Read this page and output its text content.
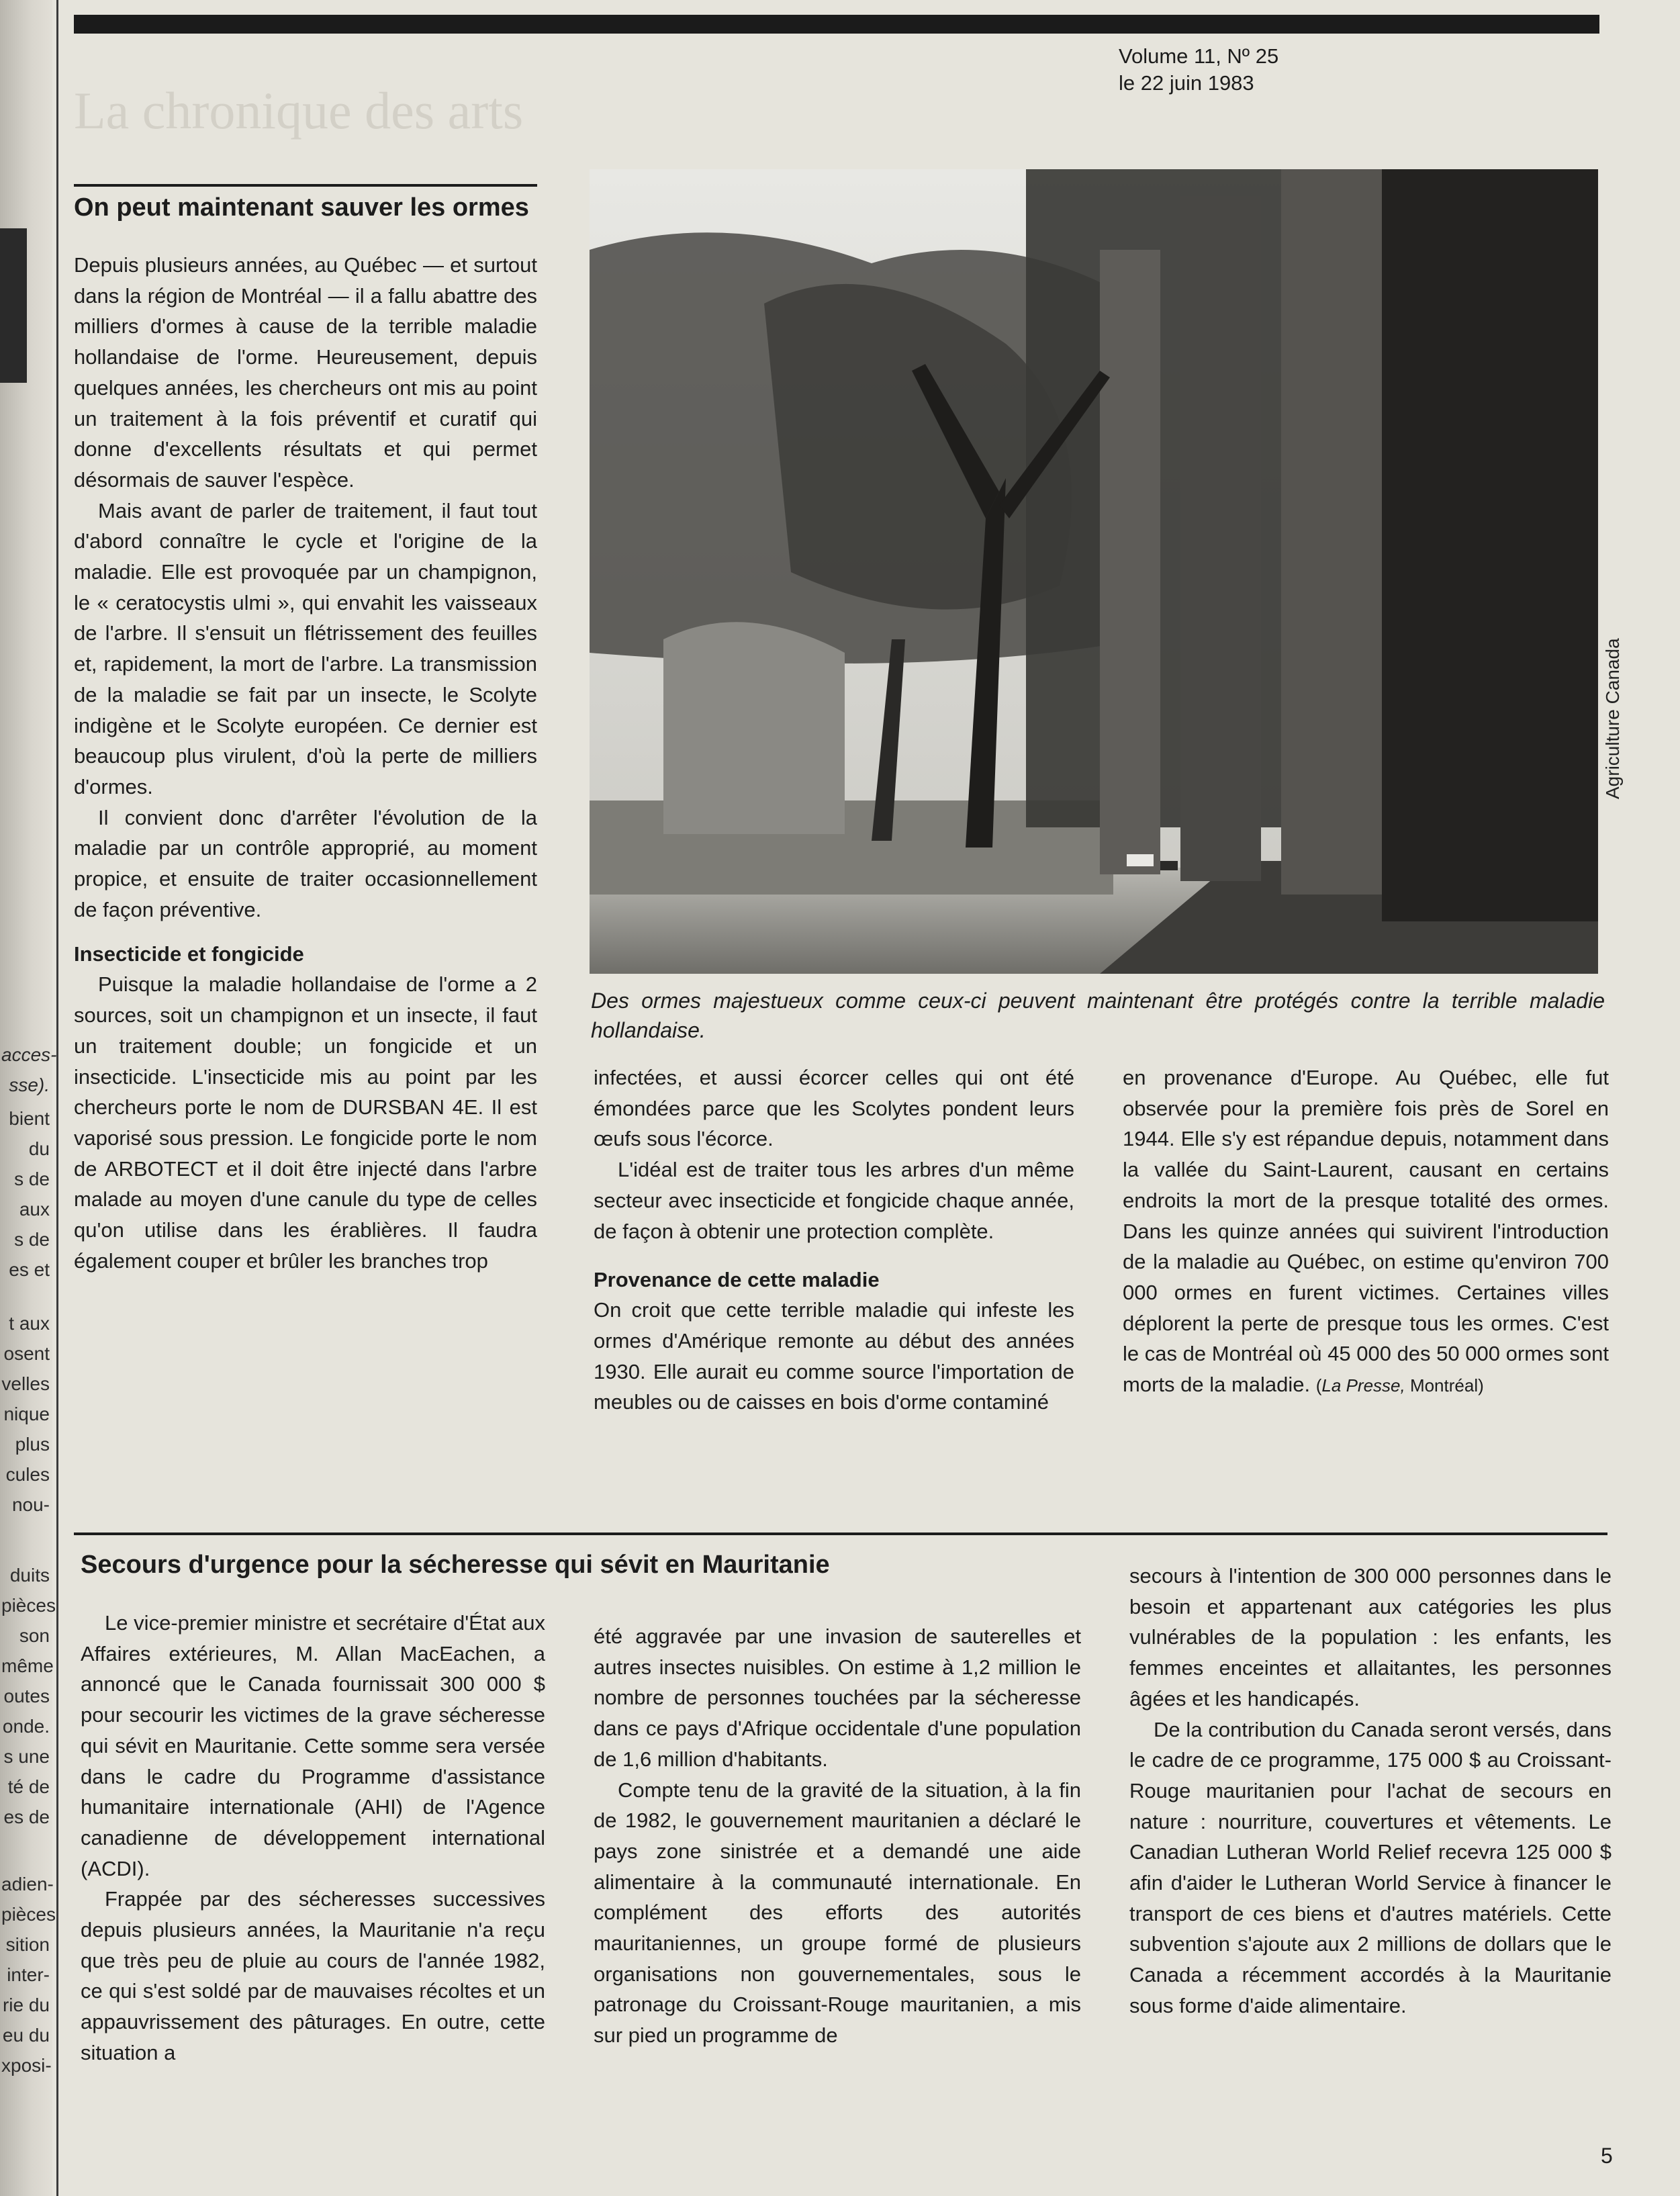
acces-
sse).
bient
du
s de
aux
s de
es et
t aux
osent
velles
nique
plus
cules
nou-
duits
pièces
son
même
outes
onde.
s une
té de
es de
adien-
pièces
sition
inter-
rie du
eu du
xposi-
La chronique des arts
Volume 11, Nº 25
le 22 juin 1983
On peut maintenant sauver les ormes

Depuis plusieurs années, au Québec — et surtout dans la région de Montréal — il a fallu abattre des milliers d'ormes à cause de la terrible maladie hollandaise de l'orme. Heureusement, depuis quelques années, les chercheurs ont mis au point un traitement à la fois préventif et curatif qui donne d'excellents résultats et qui permet désormais de sauver l'espèce.

Mais avant de parler de traitement, il faut tout d'abord connaître le cycle et l'origine de la maladie. Elle est provoquée par un champignon, le « ceratocystis ulmi », qui envahit les vaisseaux de l'arbre. Il s'ensuit un flétrissement des feuilles et, rapidement, la mort de l'arbre. La transmission de la maladie se fait par un insecte, le Scolyte indigène et le Scolyte européen. Ce dernier est beaucoup plus virulent, d'où la perte de milliers d'ormes.

Il convient donc d'arrêter l'évolution de la maladie par un contrôle approprié, au moment propice, et ensuite de traiter occasionnellement de façon préventive.

Insecticide et fongicide

Puisque la maladie hollandaise de l'orme a 2 sources, soit un champignon et un insecte, il faut un traitement double; un fongicide et un insecticide. L'insecticide mis au point par les chercheurs porte le nom de DURSBAN 4E. Il est vaporisé sous pression. Le fongicide porte le nom de ARBOTECT et il doit être injecté dans l'arbre malade au moyen d'une canule du type de celles qu'on utilise dans les érablières. Il faudra également couper et brûler les branches trop

Agriculture Canada
Des ormes majestueux comme ceux-ci peuvent maintenant être protégés contre la terrible maladie hollandaise.

infectées, et aussi écorcer celles qui ont été émondées parce que les Scolytes pondent leurs œufs sous l'écorce.

L'idéal est de traiter tous les arbres d'un même secteur avec insecticide et fongicide chaque année, de façon à obtenir une protection complète.

Provenance de cette maladie

On croit que cette terrible maladie qui infeste les ormes d'Amérique remonte au début des années 1930. Elle aurait eu comme source l'importation de meubles ou de caisses en bois d'orme contaminé

en provenance d'Europe. Au Québec, elle fut observée pour la première fois près de Sorel en 1944. Elle s'y est répandue depuis, notamment dans la vallée du Saint-Laurent, causant en certains endroits la mort de la presque totalité des ormes. Dans les quinze années qui suivirent l'introduction de la maladie au Québec, on estime qu'environ 700 000 ormes en furent victimes. Certaines villes déplorent la perte de presque tous les ormes. C'est le cas de Montréal où 45 000 des 50 000 ormes sont morts de la maladie. (La Presse, Montréal)

Secours d'urgence pour la sécheresse qui sévit en Mauritanie

Le vice-premier ministre et secrétaire d'État aux Affaires extérieures, M. Allan MacEachen, a annoncé que le Canada fournissait 300 000 $ pour secourir les victimes de la grave sécheresse qui sévit en Mauritanie. Cette somme sera versée dans le cadre du Programme d'assistance humanitaire internationale (AHI) de l'Agence canadienne de développement international (ACDI).

Frappée par des sécheresses successives depuis plusieurs années, la Mauritanie n'a reçu que très peu de pluie au cours de l'année 1982, ce qui s'est soldé par de mauvaises récoltes et un appauvrissement des pâturages. En outre, cette situation a

été aggravée par une invasion de sauterelles et autres insectes nuisibles. On estime à 1,2 million le nombre de personnes touchées par la sécheresse dans ce pays d'Afrique occidentale d'une population de 1,6 million d'habitants.

Compte tenu de la gravité de la situation, à la fin de 1982, le gouvernement mauritanien a déclaré le pays zone sinistrée et a demandé une aide alimentaire à la communauté internationale. En complément des efforts des autorités mauritaniennes, un groupe formé de plusieurs organisations non gouvernementales, sous le patronage du Croissant-Rouge mauritanien, a mis sur pied un programme de

secours à l'intention de 300 000 personnes dans le besoin et appartenant aux catégories les plus vulnérables de la population : les enfants, les femmes enceintes et allaitantes, les personnes âgées et les handicapés.

De la contribution du Canada seront versés, dans le cadre de ce programme, 175 000 $ au Croissant-Rouge mauritanien pour l'achat de secours en nature : nourriture, couvertures et vêtements. Le Canadian Lutheran World Relief recevra 125 000 $ afin d'aider le Lutheran World Service à financer le transport de ces biens et d'autres matériels. Cette subvention s'ajoute aux 2 millions de dollars que le Canada a récemment accordés à la Mauritanie sous forme d'aide alimentaire.

5
